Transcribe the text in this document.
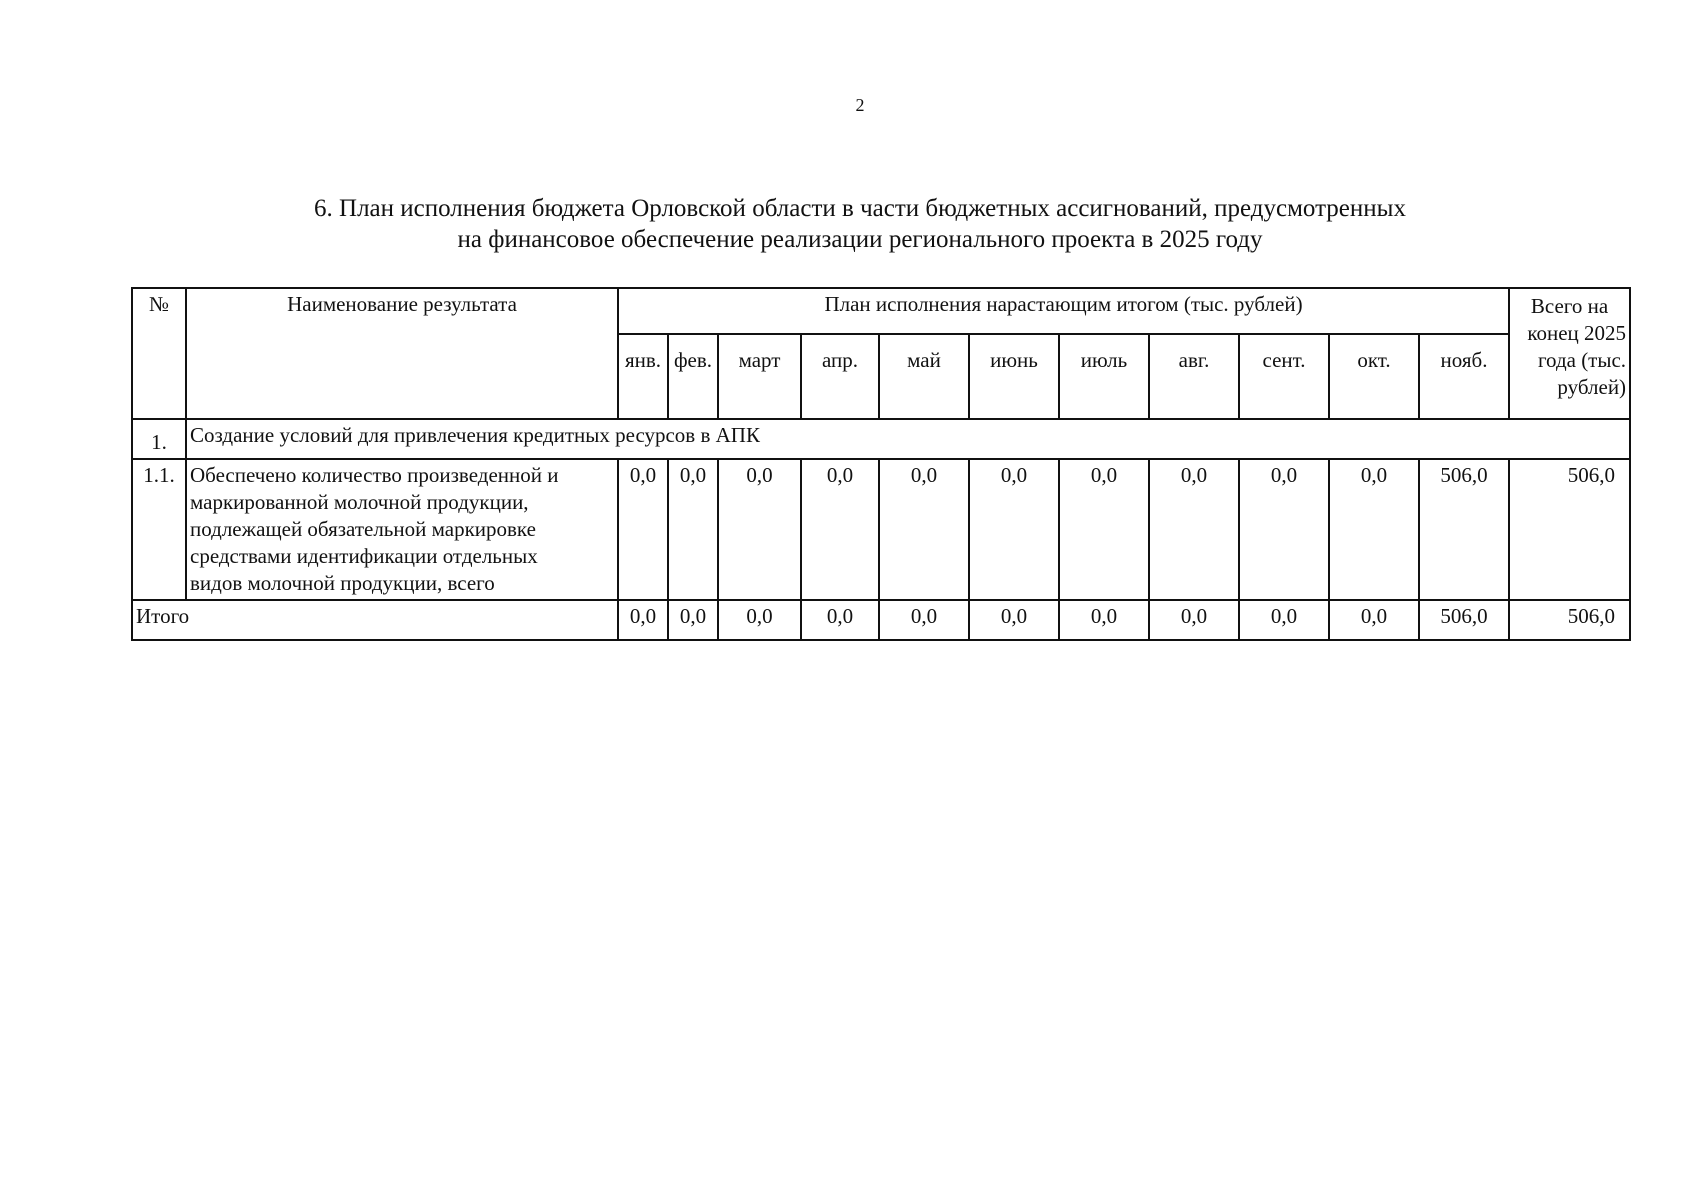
2
6. План исполнения бюджета Орловской области в части бюджетных ассигнований, предусмотренных
на финансовое обеспечение реализации регионального проекта в 2025 году
№	Наименование результата	План исполнения нарастающим итогом (тыс. рублей)											Всего на
конец 2025
года (тыс.
рублей)

		янв.	фев.	март	апр.	май	июнь	июль	авг.	сент.	окт.	нояб.	
1.	Создание условий для привлечения кредитных ресурсов в АПК												
1.1.	Обеспечено количество произведенной и
маркированной молочной продукции,
подлежащей обязательной маркировке
средствами идентификации отдельных
видов молочной продукции, всего	0,0	0,0	0,0	0,0	0,0	0,0	0,0	0,0	0,0	0,0	506,0	506,0
Итого		0,0	0,0	0,0	0,0	0,0	0,0	0,0	0,0	0,0	0,0	506,0	506,0
